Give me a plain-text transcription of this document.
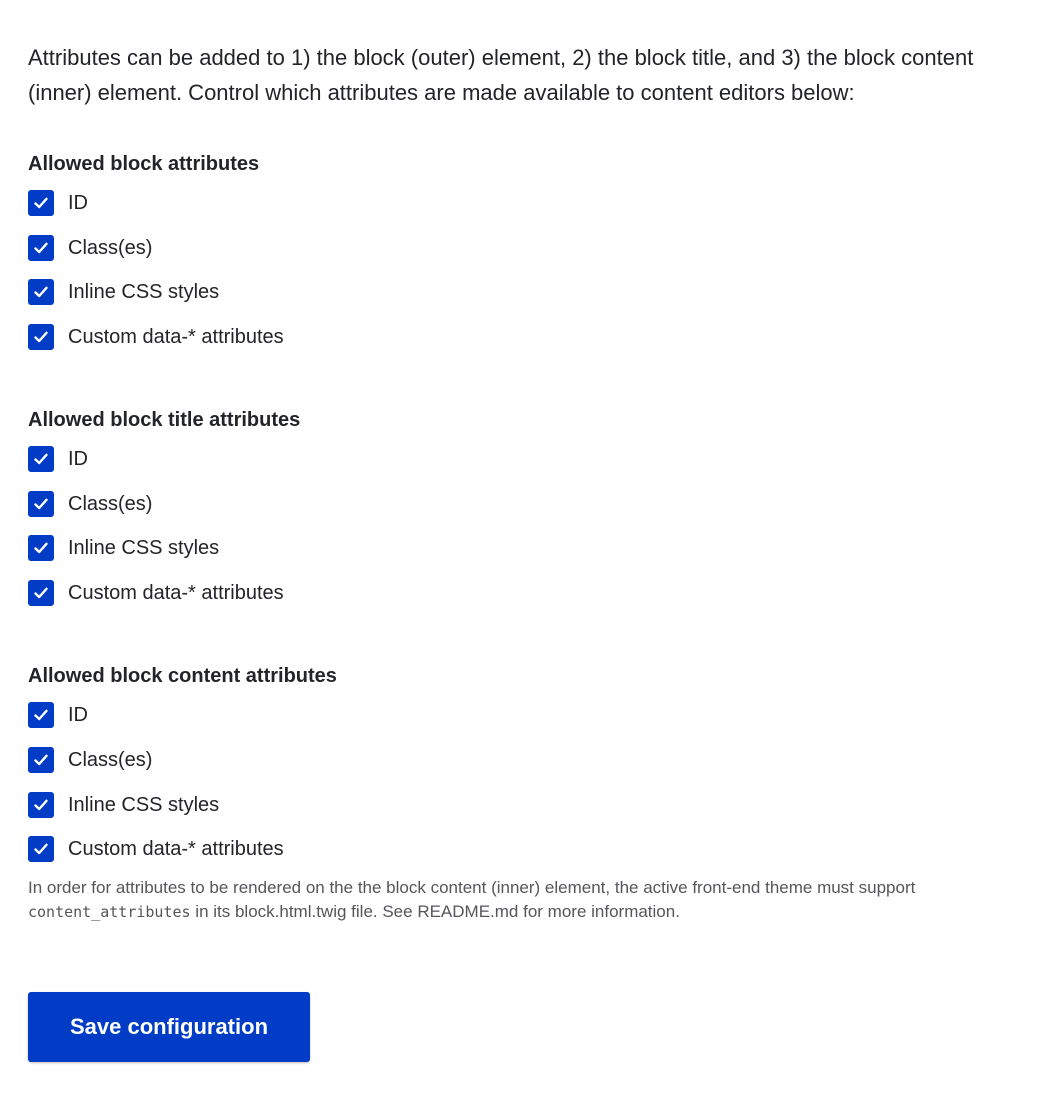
Attributes can be added to 1) the block (outer) element, 2) the block title, and 3) the block content (inner) element. Control which attributes are made available to content editors below:

Allowed block attributes
ID
Class(es)
Inline CSS styles
Custom data-* attributes
Allowed block title attributes
ID
Class(es)
Inline CSS styles
Custom data-* attributes
Allowed block content attributes
ID
Class(es)
Inline CSS styles
Custom data-* attributes

In order for attributes to be rendered on the the block content (inner) element, the active front-end theme must support content_attributes in its block.html.twig file. See README.md for more information.

Save configuration
